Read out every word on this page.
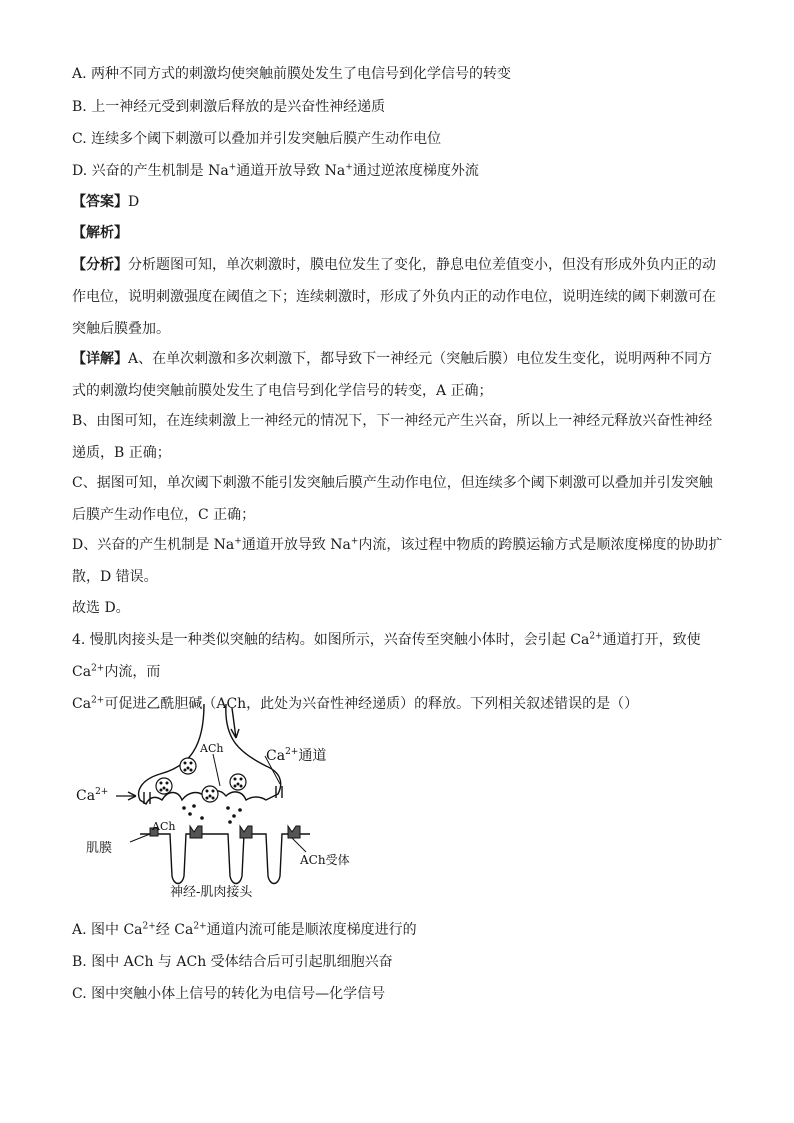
A. 两种不同方式的刺激均使突触前膜处发生了电信号到化学信号的转变
B. 上一神经元受到刺激后释放的是兴奋性神经递质
C. 连续多个阈下刺激可以叠加并引发突触后膜产生动作电位
D. 兴奋的产生机制是 Na+通道开放导致 Na+通过逆浓度梯度外流
【答案】D
【解析】
【分析】分析题图可知，单次刺激时，膜电位发生了变化，静息电位差值变小，但没有形成外负内正的动作电位，说明刺激强度在阈值之下；连续刺激时，形成了外负内正的动作电位，说明连续的阈下刺激可在突触后膜叠加。
【详解】A、在单次刺激和多次刺激下，都导致下一神经元（突触后膜）电位发生变化，说明两种不同方式的刺激均使突触前膜处发生了电信号到化学信号的转变，A 正确；
B、由图可知，在连续刺激上一神经元的情况下，下一神经元产生兴奋，所以上一神经元释放兴奋性神经递质，B 正确；
C、据图可知，单次阈下刺激不能引发突触后膜产生动作电位，但连续多个阈下刺激可以叠加并引发突触后膜产生动作电位，C 正确；
D、兴奋的产生机制是 Na+通道开放导致 Na+内流，该过程中物质的跨膜运输方式是顺浓度梯度的协助扩散，D 错误。
故选 D。
4. 慢肌肉接头是一种类似突触的结构。如图所示，兴奋传至突触小体时，会引起 $Ca^{2+}$通道打开，致使 $Ca^{2+}$内流，而 $Ca^{2+}$可促进乙酰胆碱（ACh，此处为兴奋性神经递质）的释放。下列相关叙述错误的是（）
ACh	$Ca^{2+}$通道
$Ca^{2+}$
ACh
肌膜
ACh受体
神经-肌肉接头
A. 图中 $Ca^{2+}$经 $Ca^{2+}$通道内流可能是顺浓度梯度进行的
B. 图中 ACh 与 ACh 受体结合后可引起肌细胞兴奋
C. 图中突触小体上信号的转化为电信号—化学信号
